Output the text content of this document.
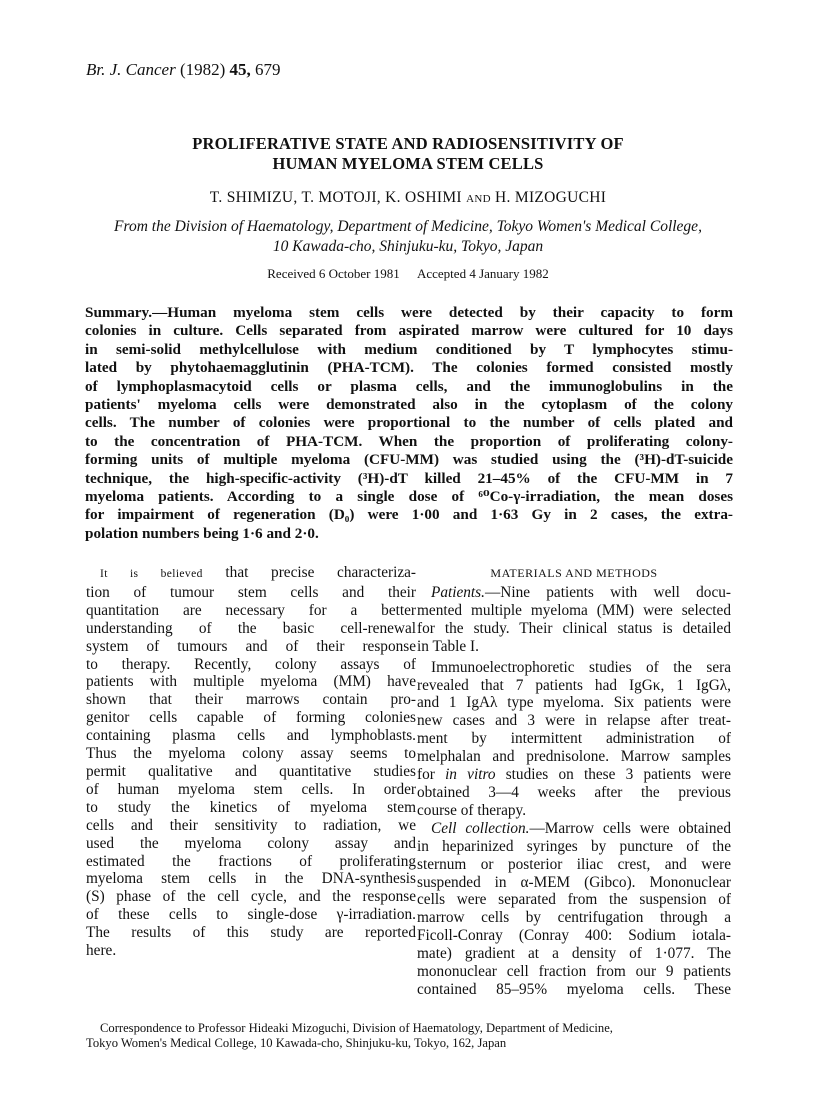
Br. J. Cancer (1982) 45, 679
PROLIFERATIVE STATE AND RADIOSENSITIVITY OF
HUMAN MYELOMA STEM CELLS
T. SHIMIZU, T. MOTOJI, K. OSHIMI AND H. MIZOGUCHI
From the Division of Haematology, Department of Medicine, Tokyo Women's Medical College,
10 Kawada-cho, Shinjuku-ku, Tokyo, Japan
Received 6 October 1981 Accepted 4 January 1982
Summary.—Human myeloma stem cells were detected by their capacity to form
colonies in culture. Cells separated from aspirated marrow were cultured for 10 days
in semi-solid methylcellulose with medium conditioned by T lymphocytes stimu-
lated by phytohaemagglutinin (PHA-TCM). The colonies formed consisted mostly
of lymphoplasmacytoid cells or plasma cells, and the immunoglobulins in the
patients' myeloma cells were demonstrated also in the cytoplasm of the colony
cells. The number of colonies were proportional to the number of cells plated and
to the concentration of PHA-TCM. When the proportion of proliferating colony-
forming units of multiple myeloma (CFU-MM) was studied using the (³H)-dT-suicide
technique, the high-specific-activity (³H)-dT killed 21–45% of the CFU-MM in 7
myeloma patients. According to a single dose of ⁶⁰Co-γ-irradiation, the mean doses
for impairment of regeneration (D₀) were 1·00 and 1·63 Gy in 2 cases, the extra-
polation numbers being 1·6 and 2·0.
It is believed that precise characteriza-
tion of tumour stem cells and their
quantitation are necessary for a better
understanding of the basic cell-renewal
system of tumours and of their response
to therapy. Recently, colony assays of
patients with multiple myeloma (MM) have
shown that their marrows contain pro-
genitor cells capable of forming colonies
containing plasma cells and lymphoblasts.
Thus the myeloma colony assay seems to
permit qualitative and quantitative studies
of human myeloma stem cells. In order
to study the kinetics of myeloma stem
cells and their sensitivity to radiation, we
used the myeloma colony assay and
estimated the fractions of proliferating
myeloma stem cells in the DNA-synthesis
(S) phase of the cell cycle, and the response
of these cells to single-dose γ-irradiation.
The results of this study are reported
here.
MATERIALS AND METHODS
Patients.—Nine patients with well docu-
mented multiple myeloma (MM) were selected
for the study. Their clinical status is detailed
in Table I.
Immunoelectrophoretic studies of the sera
revealed that 7 patients had IgGκ, 1 IgGλ,
and 1 IgAλ type myeloma. Six patients were
new cases and 3 were in relapse after treat-
ment by intermittent administration of
melphalan and prednisolone. Marrow samples
for in vitro studies on these 3 patients were
obtained 3—4 weeks after the previous
course of therapy.
Cell collection.—Marrow cells were obtained
in heparinized syringes by puncture of the
sternum or posterior iliac crest, and were
suspended in α-MEM (Gibco). Mononuclear
cells were separated from the suspension of
marrow cells by centrifugation through a
Ficoll-Conray (Conray 400: Sodium iotala-
mate) gradient at a density of 1·077. The
mononuclear cell fraction from our 9 patients
contained 85–95% myeloma cells. These
Correspondence to Professor Hideaki Mizoguchi, Division of Haematology, Department of Medicine,
Tokyo Women's Medical College, 10 Kawada-cho, Shinjuku-ku, Tokyo, 162, Japan
